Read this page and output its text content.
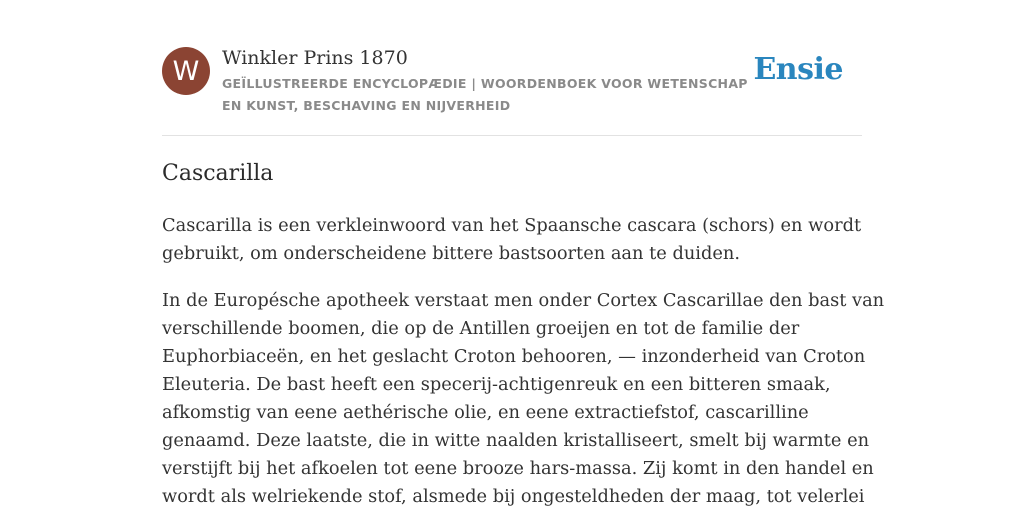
W Winkler Prins 1870
GEÏLLUSTREERDE ENCYCLOPÆDIE | WOORDENBOEK VOOR WETENSCHAP EN KUNST, BESCHAVING EN NIJVERHEID
Ensie
Cascarilla

Cascarilla is een verkleinwoord van het Spaansche cascara (schors) en wordt
gebruikt, om onderscheidene bittere bastsoorten aan te duiden.

In de Europésche apotheek verstaat men onder Cortex Cascarillae den bast van
verschillende boomen, die op de Antillen groeijen en tot de familie der
Euphorbiaceën, en het geslacht Croton behooren, — inzonderheid van Croton
Eleuteria. De bast heeft een specerij-achtigenreuk en een bitteren smaak,
afkomstig van eene aethérische olie, en eene extractiefstof, cascarilline
genaamd. Deze laatste, die in witte naalden kristalliseert, smelt bij warmte en
verstijft bij het afkoelen tot eene brooze hars-massa. Zij komt in den handel en
wordt als welriekende stof, alsmede bij ongesteldheden der maag, tot velerlei
